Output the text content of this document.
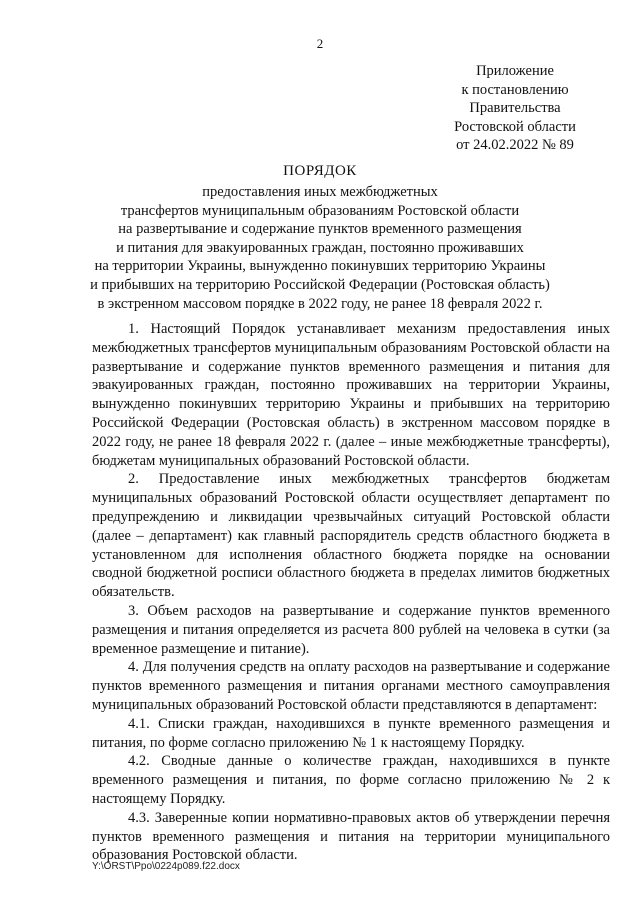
2
Приложение
к постановлению
Правительства
Ростовской области
от 24.02.2022 № 89
ПОРЯДОК
предоставления иных межбюджетных
трансфертов муниципальным образованиям Ростовской области
на развертывание и содержание пунктов временного размещения
и питания для эвакуированных граждан, постоянно проживавших
на территории Украины, вынужденно покинувших территорию Украины
и прибывших на территорию Российской Федерации (Ростовская область)
в экстренном массовом порядке в 2022 году, не ранее 18 февраля 2022 г.

1. Настоящий Порядок устанавливает механизм предоставления иных межбюджетных трансфертов муниципальным образованиям Ростовской области на развертывание и содержание пунктов временного размещения и питания для эвакуированных граждан, постоянно проживавших на территории Украины, вынужденно покинувших территорию Украины и прибывших на территорию Российской Федерации (Ростовская область) в экстренном массовом порядке в 2022 году, не ранее 18 февраля 2022 г. (далее – иные межбюджетные трансферты), бюджетам муниципальных образований Ростовской области.

2. Предоставление иных межбюджетных трансфертов бюджетам муниципальных образований Ростовской области осуществляет департамент по предупреждению и ликвидации чрезвычайных ситуаций Ростовской области (далее – департамент) как главный распорядитель средств областного бюджета в установленном для исполнения областного бюджета порядке на основании сводной бюджетной росписи областного бюджета в пределах лимитов бюджетных обязательств.

3. Объем расходов на развертывание и содержание пунктов временного размещения и питания определяется из расчета 800 рублей на человека в сутки (за временное размещение и питание).

4. Для получения средств на оплату расходов на развертывание и содержание пунктов временного размещения и питания органами местного самоуправления муниципальных образований Ростовской области представляются в департамент:

4.1. Списки граждан, находившихся в пункте временного размещения и питания, по форме согласно приложению № 1 к настоящему Порядку.

4.2. Сводные данные о количестве граждан, находившихся в пункте временного размещения и питания, по форме согласно приложению № 2 к настоящему Порядку.

4.3. Заверенные копии нормативно-правовых актов об утверждении перечня пунктов временного размещения и питания на территории муниципального образования Ростовской области.

Y:\ORST\Ppo\0224p089.f22.docx
